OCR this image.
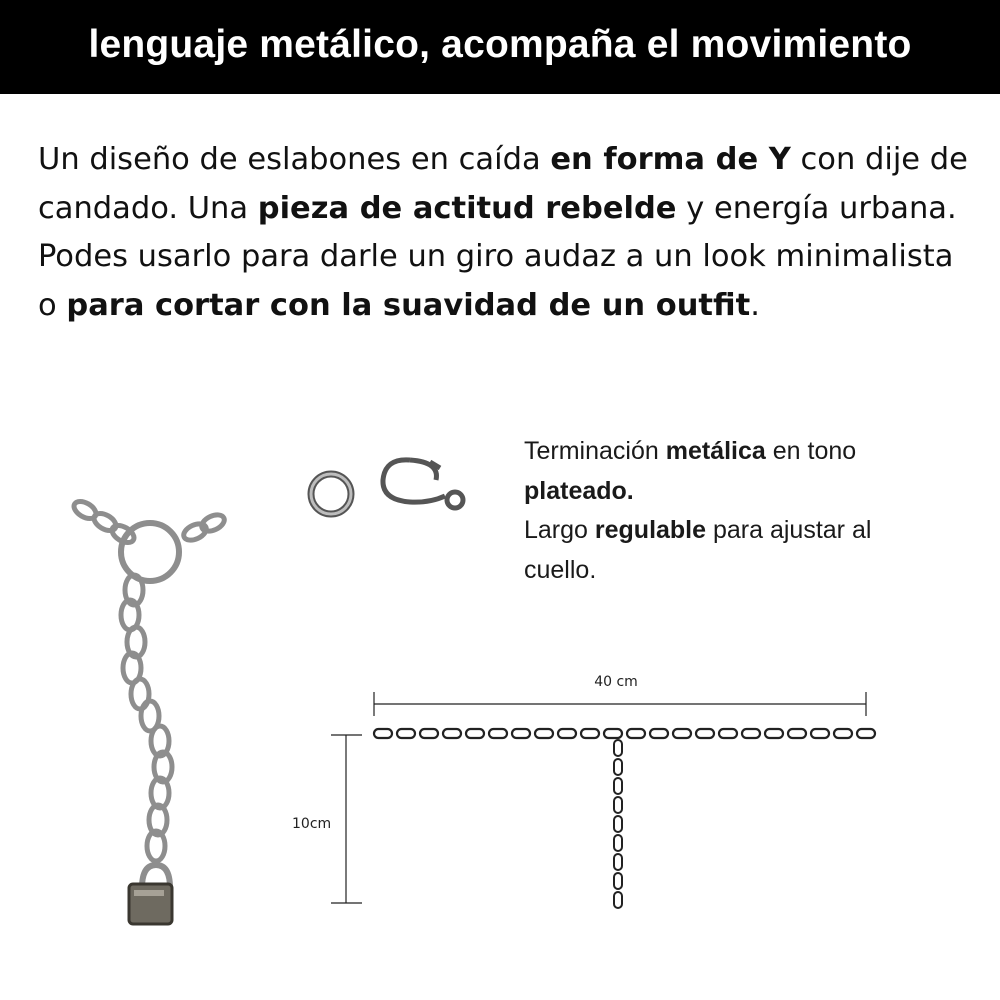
lenguaje metálico, acompaña el movimiento

Un diseño de eslabones en caída en forma de Y con dije de candado. Una pieza de actitud rebelde y energía urbana.

Podes usarlo para darle un giro audaz a un look minimalista o para cortar con la suavidad de un outfit.

Terminación metálica en tono plateado.

Largo regulable para ajustar al cuello.

40 cm
10cm
